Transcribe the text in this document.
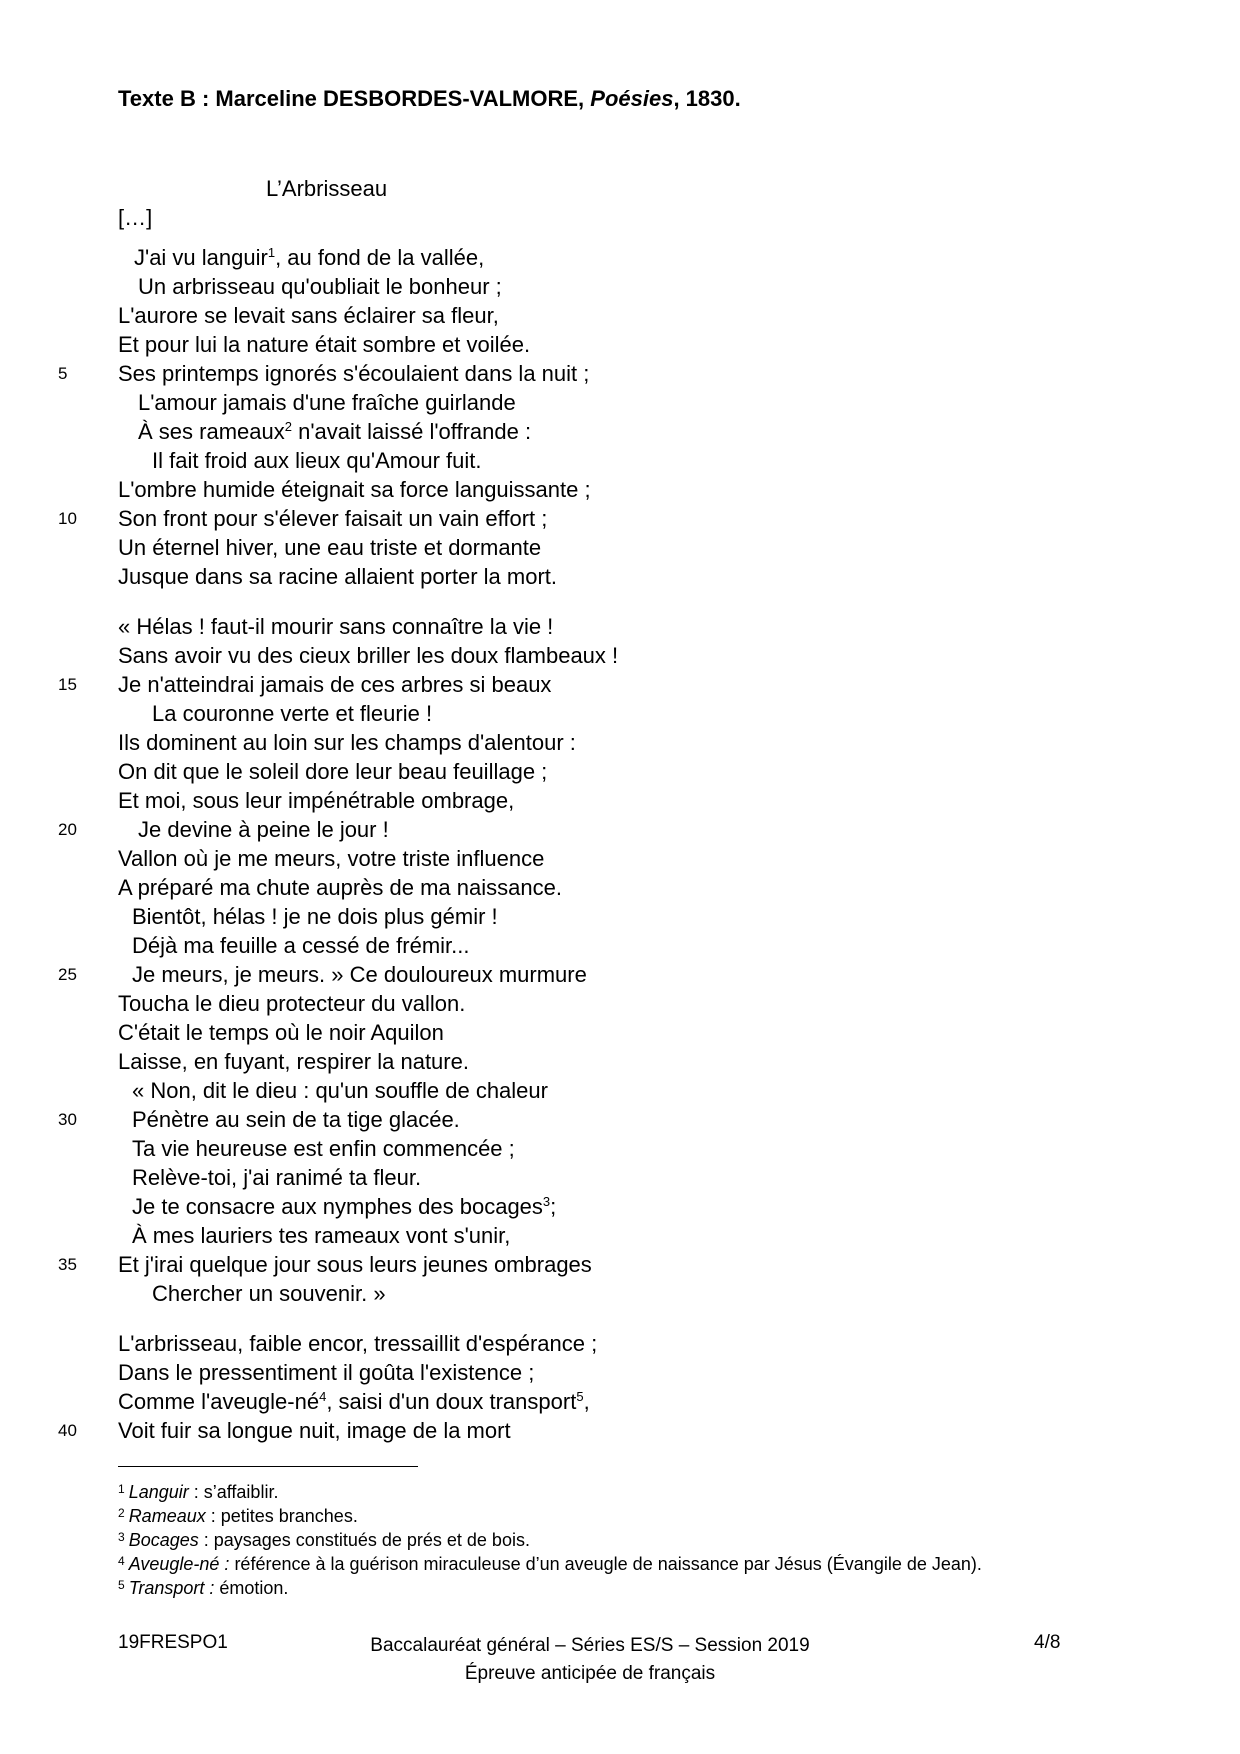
Texte B : Marceline DESBORDES-VALMORE, Poésies, 1830.
L’Arbrisseau
[…]
J'ai vu languir$^1$, au fond de la vallée,
Un arbrisseau qu'oubliait le bonheur ;
L'aurore se levait sans éclairer sa fleur,
Et pour lui la nature était sombre et voilée.
5	Ses printemps ignorés s'écoulaient dans la nuit ;
L'amour jamais d'une fraîche guirlande
À ses rameaux$^2$ n'avait laissé l'offrande :
Il fait froid aux lieux qu'Amour fuit.
L'ombre humide éteignait sa force languissante ;
10	Son front pour s'élever faisait un vain effort ;
Un éternel hiver, une eau triste et dormante
Jusque dans sa racine allaient porter la mort.
« Hélas ! faut-il mourir sans connaître la vie !
Sans avoir vu des cieux briller les doux flambeaux !
15	Je n'atteindrai jamais de ces arbres si beaux
La couronne verte et fleurie !
Ils dominent au loin sur les champs d'alentour :
On dit que le soleil dore leur beau feuillage ;
Et moi, sous leur impénétrable ombrage,
20	Je devine à peine le jour !
Vallon où je me meurs, votre triste influence
A préparé ma chute auprès de ma naissance.
Bientôt, hélas ! je ne dois plus gémir !
Déjà ma feuille a cessé de frémir...
25	Je meurs, je meurs. » Ce douloureux murmure
Toucha le dieu protecteur du vallon.
C'était le temps où le noir Aquilon
Laisse, en fuyant, respirer la nature.
« Non, dit le dieu : qu'un souffle de chaleur
30	Pénètre au sein de ta tige glacée.
Ta vie heureuse est enfin commencée ;
Relève-toi, j'ai ranimé ta fleur.
Je te consacre aux nymphes des bocages$^3$;
À mes lauriers tes rameaux vont s'unir,
35	Et j'irai quelque jour sous leurs jeunes ombrages
Chercher un souvenir. »
L'arbrisseau, faible encor, tressaillit d'espérance ;
Dans le pressentiment il goûta l'existence ;
Comme $l'aveugle-né^4$, saisi d'un doux transport$^5$,
40	Voit fuir sa longue nuit, image de la mort
$^1$ Languir : s’affaiblir.
$^2$ Rameaux : petites branches.
$^3$ Bocages : paysages constitués de prés et de bois.
$^4$ Aveugle-né : référence à la guérison miraculeuse d’un aveugle de naissance par Jésus (Évangile de Jean).
$^5$ Transport : émotion.
19FRESPO1	Baccalauréat général – Séries ES/S – Session 2019
Épreuve anticipée de français
4/8
